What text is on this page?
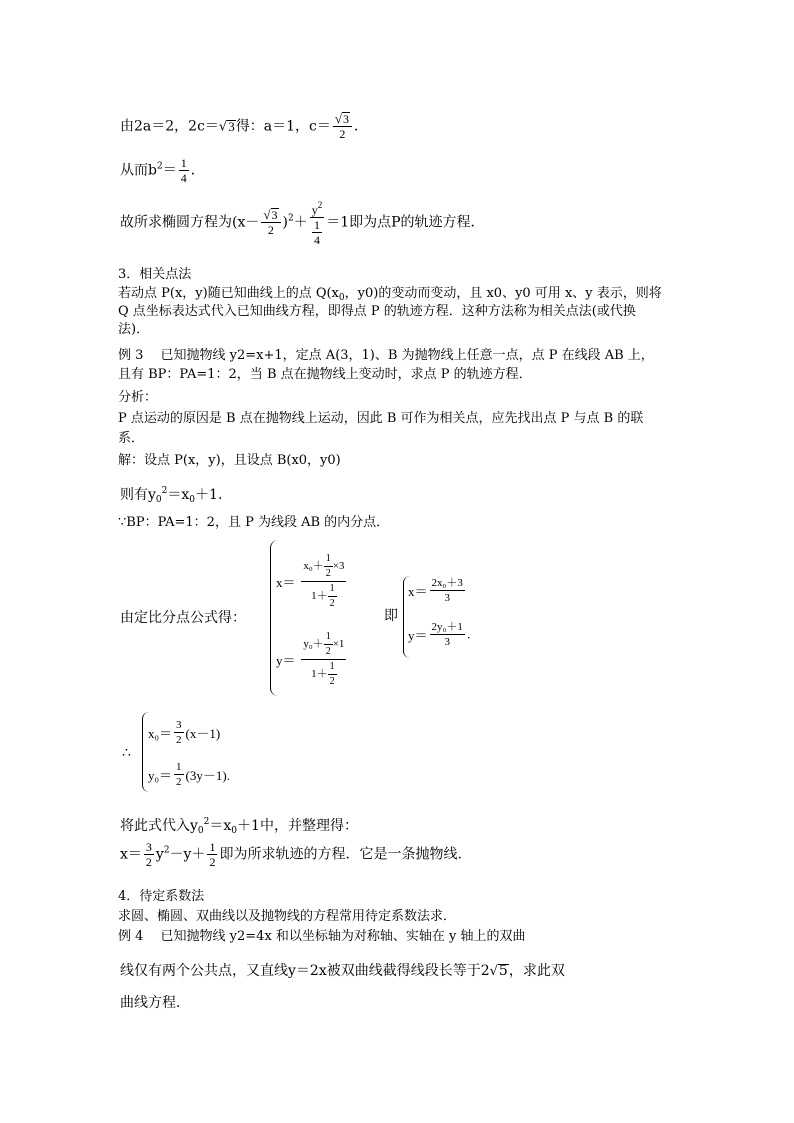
由2a＝2，2c＝√3得：a＝1，$c= \frac{√3}{2}$ ．
从而$b^2= \frac{1}{4}$ ．
故所求椭圆方程为$(x- \frac{√3}{2} )^2+ \frac{y^2}{\frac{1}{4}} =1$即为点P的轨迹方程．
3．相关点法
若动点 P(x，y)随已知曲线上的点 $Q(x_0$，y0)的变动而变动，且 x0、y0 可用 x、y 表示，则将
Q 点坐标表达式代入已知曲线方程，即得点 P 的轨迹方程．这种方法称为相关点法(或代换
法)．
例 3　 已知抛物线 y2=x+1，定点 A(3，1)、B 为抛物线上任意一点，点 P 在线段 AB 上，
且有 BP：PA=1：2，当 B 点在抛物线上变动时，求点 P 的轨迹方程．
分析：
P 点运动的原因是 B 点在抛物线上运动，因此 B 可作为相关点，应先找出点 P 与点 B 的联
系．
解：设点 P(x，y)，且设点 B(x0，y0)
则有$y_0^2=x_0+1$.
∵BP：PA=1：2，且 P 为线段 AB 的内分点．
由定比分点公式得：
$x= \frac{x_0+ \frac{1}{2} \times 3}{1+ \frac{1}{2}}$
$y= \frac{y_0+ \frac{1}{2} \times 1}{1+ \frac{1}{2}}$
即
$x= \frac{\text{2x₀＋3}}{3}$
$y= \frac{\text{2y₀＋1}}{3}$ .
∴
$x_0= \frac{3}{2} (x-1)$
$y_0= \frac{1}{2} (3y-1)$.
将此式代入$y_0^2=x_0+1$中，并整理得：
$x= \frac{3}{2} y^2-y+ \frac{1}{2}$ 即为所求轨迹的方程．它是一条抛物线.
4．待定系数法
求圆、椭圆、双曲线以及抛物线的方程常用待定系数法求．
例 4　 已知抛物线 y2=4x 和以坐标轴为对称轴、实轴在 y 轴上的双曲
线仅有两个公共点，又直线y＝2x被双曲线截得线段长等于2√5，求此双
曲线方程．
